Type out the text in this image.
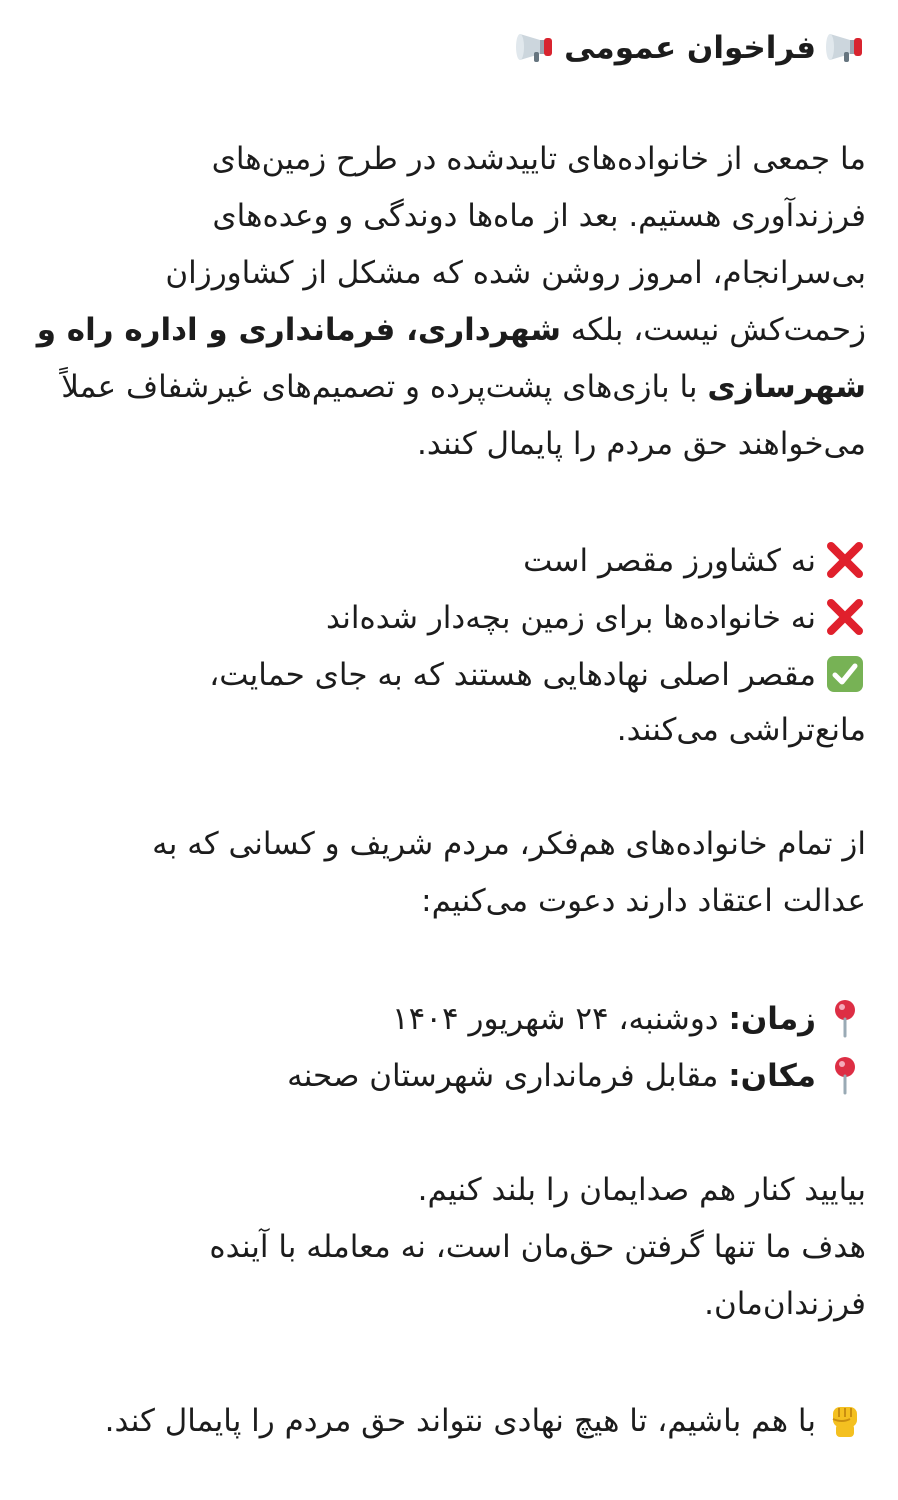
فراخوان عمومی
ما جمعی از خانواده‌های تاییدشده در طرح زمین‌های
فرزندآوری هستیم. بعد از ماه‌ها دوندگی و وعده‌های
بی‌سرانجام، امروز روشن شده که مشکل از کشاورزان
زحمت‌کش نیست، بلکه شهرداری، فرمانداری و اداره راه و
شهرسازی با بازی‌های پشت‌پرده و تصمیم‌های غیرشفاف عملاً
می‌خواهند حق مردم را پایمال کنند.
نه کشاورز مقصر است
نه خانواده‌ها برای زمین بچه‌دار شده‌اند
مقصر اصلی نهادهایی هستند که به جای حمایت،
مانع‌تراشی می‌کنند.
از تمام خانواده‌های هم‌فکر، مردم شریف و کسانی که به
عدالت اعتقاد دارند دعوت می‌کنیم:
زمان: دوشنبه، ۲۴ شهریور ۱۴۰۴
مکان: مقابل فرمانداری شهرستان صحنه
بیایید کنار هم صدایمان را بلند کنیم.
هدف ما تنها گرفتن حق‌مان است، نه معامله با آینده
فرزندان‌مان.
با هم باشیم، تا هیچ نهادی نتواند حق مردم را پایمال کند.
